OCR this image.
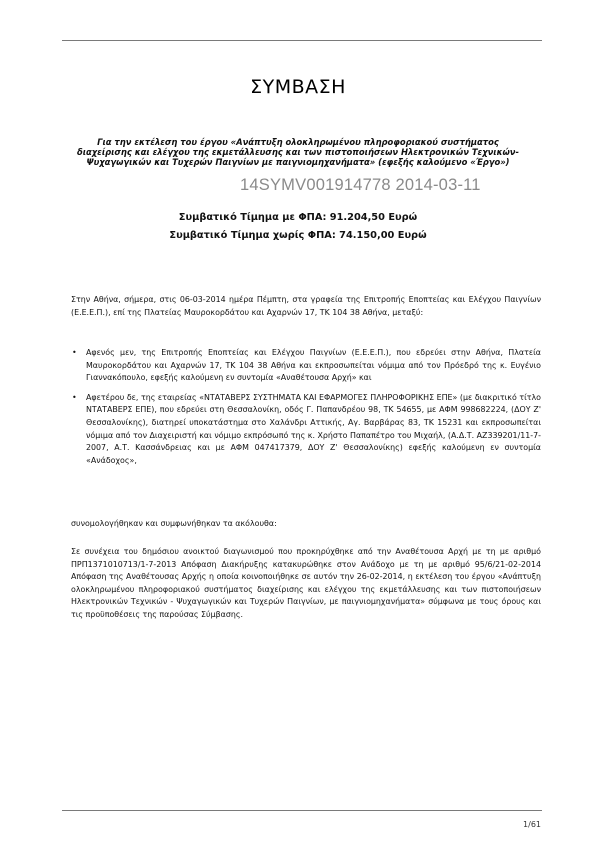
ΣΥΜΒΑΣΗ
Για την εκτέλεση του έργου «Ανάπτυξη ολοκληρωμένου πληροφοριακού συστήματος
διαχείρισης και ελέγχου της εκμετάλλευσης και των πιστοποιήσεων Ηλεκτρονικών Τεχνικών-
Ψυχαγωγικών και Τυχερών Παιγνίων με παιγνιομηχανήματα» (εφεξής καλούμενο «Έργο»)
14SYMV001914778 2014-03-11
Συμβατικό Τίμημα με ΦΠΑ: 91.204,50 Ευρώ
Συμβατικό Τίμημα χωρίς ΦΠΑ: 74.150,00 Ευρώ
Στην Αθήνα, σήμερα, στις 06-03-2014 ημέρα Πέμπτη, στα γραφεία της Επιτροπής Εποπτείας και Ελέγχου Παιγνίων (Ε.Ε.Ε.Π.), επί της Πλατείας Μαυροκορδάτου και Αχαρνών 17, ΤΚ 104 38 Αθήνα, μεταξύ:
• Αφενός μεν, της Επιτροπής Εποπτείας και Ελέγχου Παιγνίων (Ε.Ε.Ε.Π.), που εδρεύει στην Αθήνα, Πλατεία Μαυροκορδάτου και Αχαρνών 17, ΤΚ 104 38 Αθήνα και εκπροσωπείται νόμιμα από τον Πρόεδρό της κ. Ευγένιο Γιαννακόπουλο, εφεξής καλούμενη εν συντομία «Αναθέτουσα Αρχή» και
• Αφετέρου δε, της εταιρείας «ΝΤΑΤΑΒΕΡΣ ΣΥΣΤΗΜΑΤΑ ΚΑΙ ΕΦΑΡΜΟΓΕΣ ΠΛΗΡΟΦΟΡΙΚΗΣ ΕΠΕ» (με διακριτικό τίτλο ΝΤΑΤΑΒΕΡΣ ΕΠΕ), που εδρεύει στη Θεσσαλονίκη, οδός Γ. Παπανδρέου 98, ΤΚ 54655, με ΑΦΜ 998682224, (ΔΟΥ Ζ' Θεσσαλονίκης), διατηρεί υποκατάστημα στο Χαλάνδρι Αττικής, Αγ. Βαρβάρας 83, ΤΚ 15231 και εκπροσωπείται νόμιμα από τον Διαχειριστή και νόμιμο εκπρόσωπό της κ. Χρήστο Παπαπέτρο του Μιχαήλ, (Α.Δ.Τ. ΑΖ339201/11-7-2007, Α.Τ. Κασσάνδρειας και με ΑΦΜ 047417379, ΔΟΥ Ζ' Θεσσαλονίκης) εφεξής καλούμενη εν συντομία «Ανάδοχος»,
συνομολογήθηκαν και συμφωνήθηκαν τα ακόλουθα:
Σε συνέχεια του δημόσιου ανοικτού διαγωνισμού που προκηρύχθηκε από την Αναθέτουσα Αρχή με τη με αριθμό ΠΡΠ1371010713/1-7-2013 Απόφαση Διακήρυξης κατακυρώθηκε στον Ανάδοχο με τη με αριθμό 95/6/21-02-2014 Απόφαση της Αναθέτουσας Αρχής η οποία κοινοποιήθηκε σε αυτόν την 26-02-2014, η εκτέλεση του έργου «Ανάπτυξη ολοκληρωμένου πληροφοριακού συστήματος διαχείρισης και ελέγχου της εκμετάλλευσης και των πιστοποιήσεων Ηλεκτρονικών Τεχνικών - Ψυχαγωγικών και Τυχερών Παιγνίων, με παιγνιομηχανήματα» σύμφωνα με τους όρους και τις προϋποθέσεις της παρούσας Σύμβασης.
1/61
